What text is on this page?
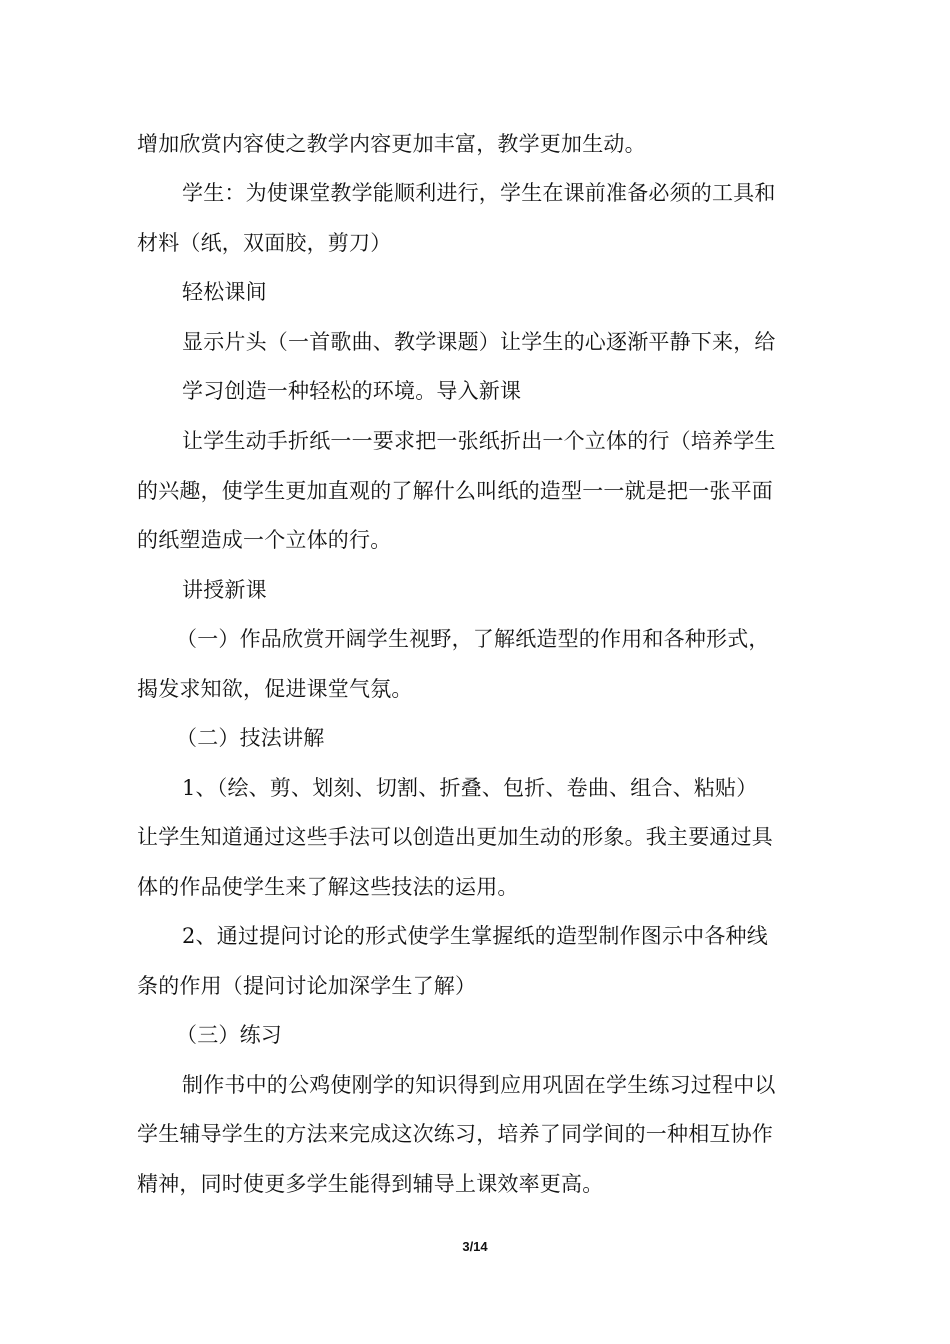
增加欣赏内容使之教学内容更加丰富，教学更加生动。
学生：为使课堂教学能顺利进行，学生在课前准备必须的工具和
材料（纸，双面胶，剪刀）
轻松课间
显示片头（一首歌曲、教学课题）让学生的心逐渐平静下来，给
学习创造一种轻松的环境。导入新课
让学生动手折纸一一要求把一张纸折出一个立体的行（培养学生
的兴趣，使学生更加直观的了解什么叫纸的造型一一就是把一张平面
的纸塑造成一个立体的行。
讲授新课
（一）作品欣赏开阔学生视野，了解纸造型的作用和各种形式，
揭发求知欲，促进课堂气氛。
（二）技法讲解
1、（绘、剪、划刻、切割、折叠、包折、卷曲、组合、粘贴）
让学生知道通过这些手法可以创造出更加生动的形象。我主要通过具
体的作品使学生来了解这些技法的运用。
2、通过提问讨论的形式使学生掌握纸的造型制作图示中各种线
条的作用（提问讨论加深学生了解）
（三）练习
制作书中的公鸡使刚学的知识得到应用巩固在学生练习过程中以
学生辅导学生的方法来完成这次练习，培养了同学间的一种相互协作
精神，同时使更多学生能得到辅导上课效率更高。
3/14
